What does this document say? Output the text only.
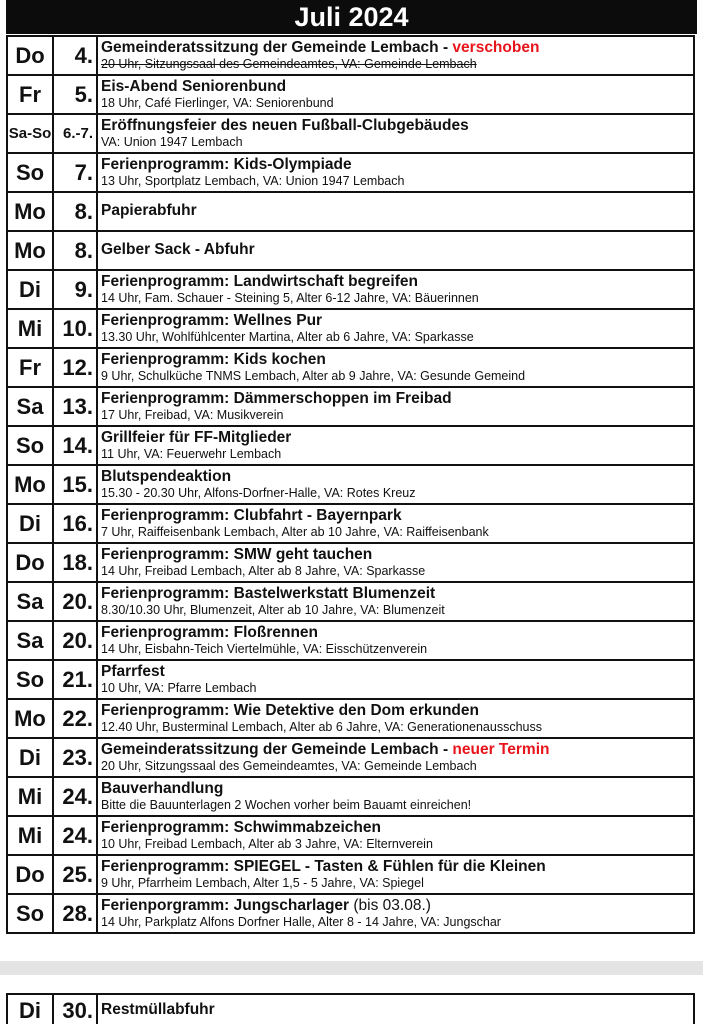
Juli 2024
Do	4.	Gemeinderatssitzung der Gemeinde Lembach - verschoben
20 Uhr, Sitzungssaal des Gemeindeamtes, VA: Gemeinde Lembach

Fr	5.	Eis-Abend Seniorenbund
18 Uhr, Café Fierlinger, VA: Seniorenbund

Sa-So	6.-7.	Eröffnungsfeier des neuen Fußball-Clubgebäudes
VA: Union 1947 Lembach

So	7.	Ferienprogramm: Kids-Olympiade
13 Uhr, Sportplatz Lembach, VA: Union 1947 Lembach

Mo	8.	Papierabfuhr

Mo	8.	Gelber Sack - Abfuhr

Di	9.	Ferienprogramm: Landwirtschaft begreifen
14 Uhr, Fam. Schauer - Steining 5, Alter 6-12 Jahre, VA: Bäuerinnen

Mi	10.	Ferienprogramm: Wellnes Pur
13.30 Uhr, Wohlfühlcenter Martina, Alter ab 6 Jahre, VA: Sparkasse

Fr	12.	Ferienprogramm: Kids kochen
9 Uhr, Schulküche TNMS Lembach, Alter ab 9 Jahre, VA: Gesunde Gemeind

Sa	13.	Ferienprogramm: Dämmerschoppen im Freibad
17 Uhr, Freibad, VA: Musikverein

So	14.	Grillfeier für FF-Mitglieder
11 Uhr, VA: Feuerwehr Lembach

Mo	15.	Blutspendeaktion
15.30 - 20.30 Uhr, Alfons-Dorfner-Halle, VA: Rotes Kreuz

Di	16.	Ferienprogramm: Clubfahrt - Bayernpark
7 Uhr, Raiffeisenbank Lembach, Alter ab 10 Jahre, VA: Raiffeisenbank

Do	18.	Ferienprogramm: SMW geht tauchen
14 Uhr, Freibad Lembach, Alter ab 8 Jahre, VA: Sparkasse

Sa	20.	Ferienprogramm: Bastelwerkstatt Blumenzeit
8.30/10.30 Uhr, Blumenzeit, Alter ab 10 Jahre, VA: Blumenzeit

Sa	20.	Ferienprogramm: Floßrennen
14 Uhr, Eisbahn-Teich Viertelmühle, VA: Eisschützenverein

So	21.	Pfarrfest
10 Uhr, VA: Pfarre Lembach

Mo	22.	Ferienprogramm: Wie Detektive den Dom erkunden
12.40 Uhr, Busterminal Lembach, Alter ab 6 Jahre, VA: Generationenausschuss

Di	23.	Gemeinderatssitzung der Gemeinde Lembach - neuer Termin
20 Uhr, Sitzungssaal des Gemeindeamtes, VA: Gemeinde Lembach

Mi	24.	Bauverhandlung
Bitte die Bauunterlagen 2 Wochen vorher beim Bauamt einreichen!

Mi	24.	Ferienprogramm: Schwimmabzeichen
10 Uhr, Freibad Lembach, Alter ab 3 Jahre, VA: Elternverein

Do	25.	Ferienprogramm: SPIEGEL - Tasten & Fühlen für die Kleinen
9 Uhr, Pfarrheim Lembach, Alter 1,5 - 5 Jahre, VA: Spiegel

So	28.	Ferienporgramm: Jungscharlager (bis 03.08.)
14 Uhr, Parkplatz Alfons Dorfner Halle, Alter 8 - 14 Jahre, VA: Jungschar
Di	30.	Restmüllabfuhr
